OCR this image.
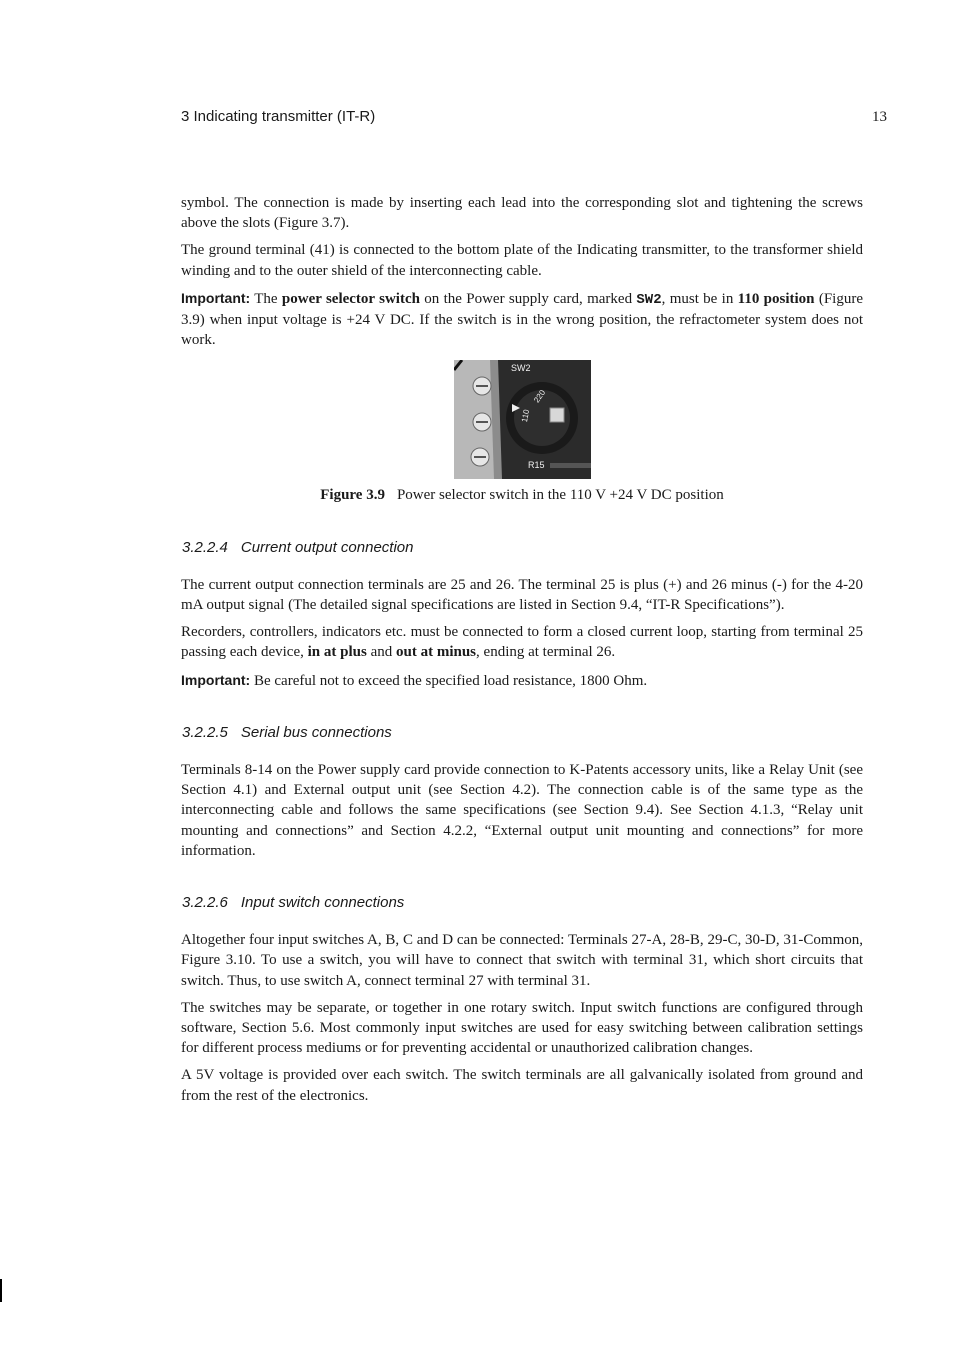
3 Indicating transmitter (IT-R)	13

symbol. The connection is made by inserting each lead into the corresponding slot and tightening the screws above the slots (Figure 3.7).

The ground terminal (41) is connected to the bottom plate of the Indicating transmitter, to the transformer shield winding and to the outer shield of the interconnecting cable.

Important: The power selector switch on the Power supply card, marked SW2, must be in 110 position (Figure 3.9) when input voltage is +24 V DC. If the switch is in the wrong position, the refractometer system does not work.

SW2
220
110
R15
Figure 3.9 Power selector switch in the 110 V +24 V DC position
3.2.2.4 Current output connection

The current output connection terminals are 25 and 26. The terminal 25 is plus (+) and 26 minus (-) for the 4-20 mA output signal (The detailed signal specifications are listed in Section 9.4, “IT-R Specifications”).

Recorders, controllers, indicators etc. must be connected to form a closed current loop, starting from terminal 25 passing each device, in at plus and out at minus, ending at terminal 26.

Important: Be careful not to exceed the specified load resistance, 1800 Ohm.

3.2.2.5 Serial bus connections

Terminals 8-14 on the Power supply card provide connection to K-Patents accessory units, like a Relay Unit (see Section 4.1) and External output unit (see Section 4.2). The connection cable is of the same type as the interconnecting cable and follows the same specifications (see Section 9.4). See Section 4.1.3, “Relay unit mounting and connections” and Section 4.2.2, “External output unit mounting and connections” for more information.

3.2.2.6 Input switch connections

Altogether four input switches A, B, C and D can be connected: Terminals 27-A, 28-B, 29-C, 30-D, 31-Common, Figure 3.10. To use a switch, you will have to connect that switch with terminal 31, which short circuits that switch. Thus, to use switch A, connect terminal 27 with terminal 31.

The switches may be separate, or together in one rotary switch. Input switch functions are configured through software, Section 5.6. Most commonly input switches are used for easy switching between calibration settings for different process mediums or for preventing accidental or unauthorized calibration changes.

A 5V voltage is provided over each switch. The switch terminals are all galvanically isolated from ground and from the rest of the electronics.
